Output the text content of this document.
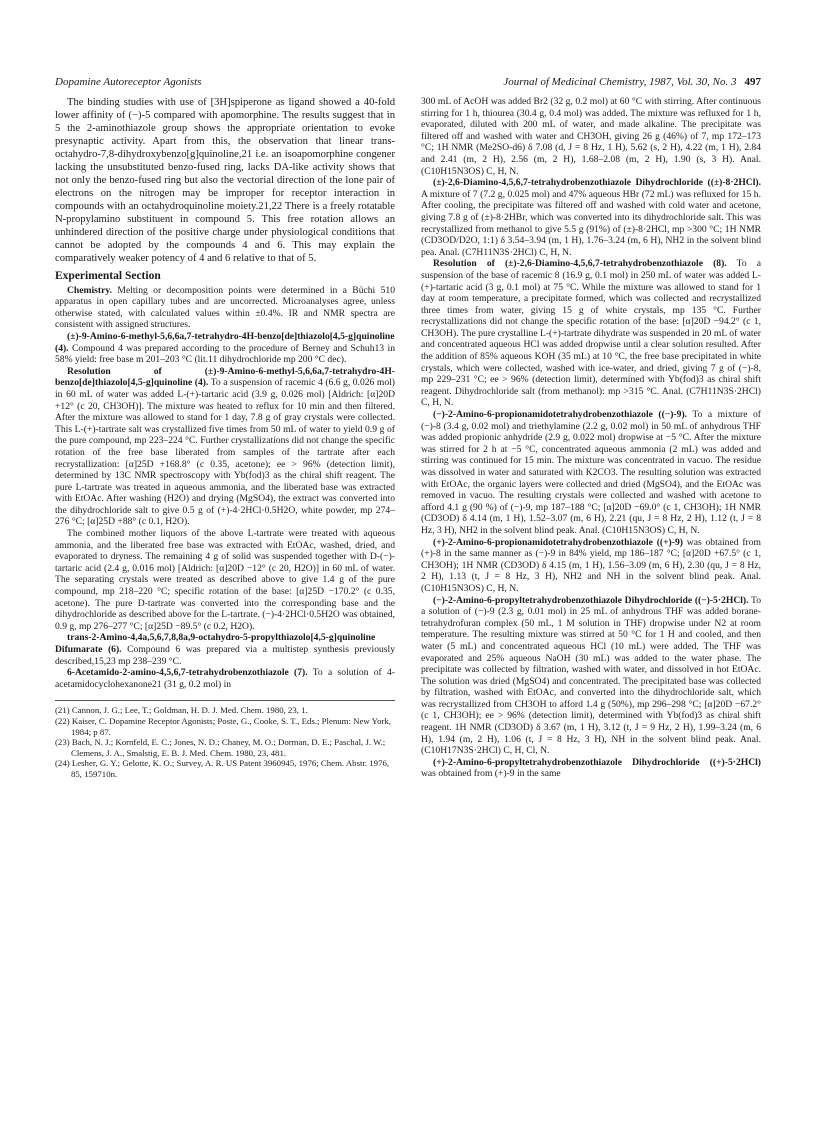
Dopamine Autoreceptor Agonists	Journal of Medicinal Chemistry, 1987, Vol. 30, No. 3 497

The binding studies with use of [3H]spiperone as ligand showed a 40-fold lower affinity of (−)-5 compared with apomorphine. The results suggest that in 5 the 2-aminothiazole group shows the appropriate orientation to evoke presynaptic activity. Apart from this, the observation that linear trans-octahydro-7,8-dihydroxybenzo[g]quinoline,21 i.e. an isoapomorphine congener lacking the unsubstituted benzo-fused ring, lacks DA-like activity shows that not only the benzo-fused ring but also the vectorial direction of the lone pair of electrons on the nitrogen may be improper for receptor interaction in compounds with an octahydroquinoline moiety.21,22 There is a freely rotatable N-propylamino substituent in compound 5. This free rotation allows an unhindered direction of the positive charge under physiological conditions that cannot be adopted by the compounds 4 and 6. This may explain the comparatively weaker potency of 4 and 6 relative to that of 5.

Experimental Section

Chemistry. Melting or decomposition points were determined in a Büchi 510 apparatus in open capillary tubes and are uncorrected. Microanalyses agree, unless otherwise stated, with calculated values within ±0.4%. IR and NMR spectra are consistent with assigned structures.

(±)-9-Amino-6-methyl-5,6,6a,7-tetrahydro-4H-benzo[de]thiazolo[4,5-g]quinoline (4). Compound 4 was prepared according to the procedure of Berney and Schuh13 in 58% yield: free base m 201–203 °C (lit.11 dihydrochloride mp 200 °C dec).

Resolution of (±)-9-Amino-6-methyl-5,6,6a,7-tetrahydro-4H-benzo[de]thiazolo[4,5-g]quinoline (4). To a suspension of racemic 4 (6.6 g, 0.026 mol) in 60 mL of water was added L-(+)-tartaric acid (3.9 g, 0.026 mol) [Aldrich: [α]20D +12° (c 20, CH3OH)]. The mixture was heated to reflux for 10 min and then filtered. After the mixture was allowed to stand for 1 day, 7.8 g of gray crystals were collected. This L-(+)-tartrate salt was crystallized five times from 50 mL of water to yield 0.9 g of the pure compound, mp 223–224 °C. Further crystallizations did not change the specific rotation of the free base liberated from samples of the tartrate after each recrystallization: [α]25D +168.8° (c 0.35, acetone); ee > 96% (detection limit), determined by 13C NMR spectroscopy with Yb(fod)3 as the chiral shift reagent. The pure L-tartrate was treated in aqueous ammonia, and the liberated base was extracted with EtOAc. After washing (H2O) and drying (MgSO4), the extract was converted into the dihydrochloride salt to give 0.5 g of (+)-4·2HCl·0.5H2O, white powder, mp 274–276 °C; [α]25D +88° (c 0.1, H2O).

The combined mother liquors of the above L-tartrate were treated with aqueous ammonia, and the liberated free base was extracted with EtOAc, washed, dried, and evaporated to dryness. The remaining 4 g of solid was suspended together with D-(−)-tartaric acid (2.4 g, 0.016 mol) [Aldrich: [α]20D −12° (c 20, H2O)] in 60 mL of water. The separating crystals were treated as described above to give 1.4 g of the pure compound, mp 218–220 °C; specific rotation of the base: [α]25D −170.2° (c 0.35, acetone). The pure D-tartrate was converted into the corresponding base and the dihydrochloride as described above for the L-tartrate. (−)-4·2HCl·0.5H2O was obtained, 0.9 g, mp 276–277 °C; [α]25D −89.5° (c 0.2, H2O).

trans-2-Amino-4,4a,5,6,7,8,8a,9-octahydro-5-propylthiazolo[4,5-g]quinoline Difumarate (6). Compound 6 was prepared via a multistep synthesis previously described,15,23 mp 238–239 °C.

6-Acetamido-2-amino-4,5,6,7-tetrahydrobenzothiazole (7). To a solution of 4-acetamidocyclohexanone21 (31 g, 0.2 mol) in

(21) Cannon, J. G.; Lee, T.; Goldman, H. D. J. Med. Chem. 1980, 23, 1.
(22) Kaiser, C. Dopamine Receptor Agonists; Poste, G., Cooke, S. T., Eds.; Plenum: New York, 1984; p 87.
(23) Bach, N. J.; Kornfeld, E. C.; Jones, N. D.; Chaney, M. O.; Dorman, D. E.; Paschal, J. W.; Clemens, J. A., Smalstig, E. B. J. Med. Chem. 1980, 23, 481.
(24) Lesher, G. Y.; Gelotte, K. O.; Survey, A. R. US Patent 3960945, 1976; Chem. Abstr. 1976, 85, 159710n.

300 mL of AcOH was added Br2 (32 g, 0.2 mol) at 60 °C with stirring. After continuous stirring for 1 h, thiourea (30.4 g, 0.4 mol) was added. The mixture was refluxed for 1 h, evaporated, diluted with 200 mL of water, and made alkaline. The precipitate was filtered off and washed with water and CH3OH, giving 26 g (46%) of 7, mp 172–173 °C; 1H NMR (Me2SO-d6) δ 7.08 (d, J = 8 Hz, 1 H), 5.62 (s, 2 H), 4.22 (m, 1 H), 2.84 and 2.41 (m, 2 H), 2.56 (m, 2 H), 1.68–2.08 (m, 2 H), 1.90 (s, 3 H). Anal. (C10H15N3OS) C, H, N.

(±)-2,6-Diamino-4,5,6,7-tetrahydrobenzothiazole Dihydrochloride ((±)-8·2HCl). A mixture of 7 (7.2 g, 0.025 mol) and 47% aqueous HBr (72 mL) was refluxed for 15 h. After cooling, the precipitate was filtered off and washed with cold water and acetone, giving 7.8 g of (±)-8·2HBr, which was converted into its dihydrochloride salt. This was recrystallized from methanol to give 5.5 g (91%) of (±)-8·2HCl, mp >300 °C; 1H NMR (CD3OD/D2O, 1:1) δ 3.54–3.94 (m, 1 H), 1.76–3.24 (m, 6 H), NH2 in the solvent blind pea. Anal. (C7H11N3S·2HCl) C, H, N.

Resolution of (±)-2,6-Diamino-4,5,6,7-tetrahydrobenzothiazole (8). To a suspension of the base of racemic 8 (16.9 g, 0.1 mol) in 250 mL of water was added L-(+)-tartaric acid (3 g, 0.1 mol) at 75 °C. While the mixture was allowed to stand for 1 day at room temperature, a precipitate formed, which was collected and recrystallized three times from water, giving 15 g of white crystals, mp 135 °C. Further recrystallizations did not change the specific rotation of the base: [α]20D −94.2° (c 1, CH3OH). The pure crystalline L-(+)-tartrate dihydrate was suspended in 20 mL of water and concentrated aqueous HCl was added dropwise until a clear solution resulted. After the addition of 85% aqueous KOH (35 mL) at 10 °C, the free base precipitated in white crystals, which were collected, washed with ice-water, and dried, giving 7 g of (−)-8, mp 229–231 °C; ee > 96% (detection limit), determined with Yb(fod)3 as chiral shift reagent. Dihydrochloride salt (from methanol): mp >315 °C. Anal. (C7H11N3S·2HCl) C, H, N.

(−)-2-Amino-6-propionamidotetrahydrobenzothiazole ((−)-9). To a mixture of (−)-8 (3.4 g, 0.02 mol) and triethylamine (2.2 g, 0.02 mol) in 50 mL of anhydrous THF was added propionic anhydride (2.9 g, 0.022 mol) dropwise at −5 °C. After the mixture was stirred for 2 h at −5 °C, concentrated aqueous ammonia (2 mL) was added and stirring was continued for 15 min. The mixture was concentrated in vacuo. The residue was dissolved in water and saturated with K2CO3. The resulting solution was extracted with EtOAc, the organic layers were collected and dried (MgSO4), and the EtOAc was removed in vacuo. The resulting crystals were collected and washed with acetone to afford 4.1 g (90 %) of (−)-9, mp 187–188 °C; [α]20D −69.0° (c 1, CH3OH); 1H NMR (CD3OD) δ 4.14 (m, 1 H), 1.52–3.07 (m, 6 H), 2.21 (qu, J = 8 Hz, 2 H), 1.12 (t, J = 8 Hz, 3 H), NH2 in the solvent blind peak. Anal. (C10H15N3OS) C, H, N.

(+)-2-Amino-6-propionamidotetrahydrobenzothiazole ((+)-9) was obtained from (+)-8 in the same manner as (−)-9 in 84% yield, mp 186–187 °C; [α]20D +67.5° (c 1, CH3OH); 1H NMR (CD3OD) δ 4.15 (m, 1 H), 1.56–3.09 (m, 6 H), 2.30 (qu, J = 8 Hz, 2 H), 1.13 (t, J = 8 Hz, 3 H), NH2 and NH in the solvent blind peak. Anal. (C10H15N3OS) C, H, N.

(−)-2-Amino-6-propyltetrahydrobenzothiazole Dihydrochloride ((−)-5·2HCl). To a solution of (−)-9 (2.3 g, 0.01 mol) in 25 mL of anhydrous THF was added borane-tetrahydrofuran complex (50 mL, 1 M solution in THF) dropwise under N2 at room temperature. The resulting mixture was stirred at 50 °C for 1 H and cooled, and then water (5 mL) and concentrated aqueous HCl (10 mL) were added. The THF was evaporated and 25% aqueous NaOH (30 mL) was added to the water phase. The precipitate was collected by filtration, washed with water, and dissolved in hot EtOAc. The solution was dried (MgSO4) and concentrated. The precipitated base was collected by filtration, washed with EtOAc, and converted into the dihydrochloride salt, which was recrystallized from CH3OH to afford 1.4 g (50%), mp 296–298 °C; [α]20D −67.2° (c 1, CH3OH); ee > 96% (detection limit), determined with Yb(fod)3 as chiral shift reagent. 1H NMR (CD3OD) δ 3.67 (m, 1 H), 3.12 (t, J = 9 Hz, 2 H), 1.99–3.24 (m, 6 H), 1.94 (m, 2 H), 1.06 (t, J = 8 Hz, 3 H), NH in the solvent blind peak. Anal. (C10H17N3S·2HCl) C, H, Cl, N.

(+)-2-Amino-6-propyltetrahydrobenzothiazole Dihydrochloride ((+)-5·2HCl) was obtained from (+)-9 in the same
